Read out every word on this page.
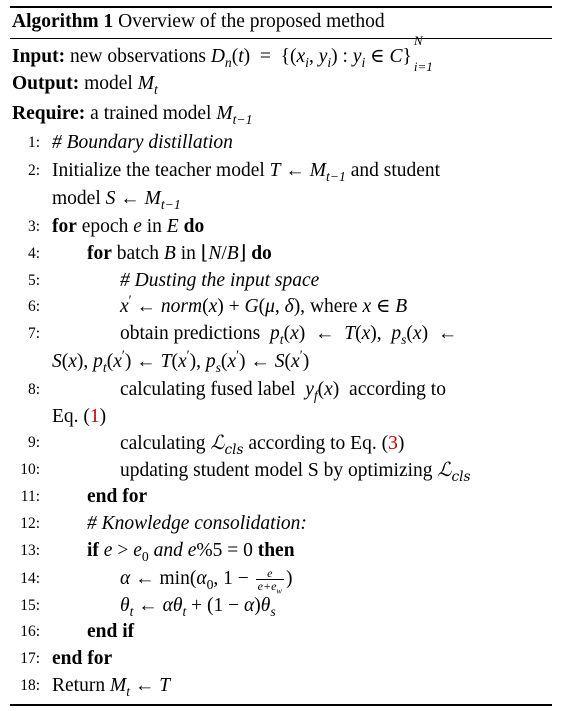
Algorithm 1 Overview of the proposed method
Input: new observations $D_n(t) = \{(x_i$, $y_i$) : $y_i$ ∈ C}
N
i=1

Output: model $M_t$
Require: a trained model $M_{t-1}$
1: # Boundary distillation
2: Initialize the teacher model T ← $M_{t-1}$ and student
model S ← $M_{t-1}$
3: for epoch e in E do
4: for batch B in ⌊N/B⌋ do
5:	# Dusting the input space
6:	x′ ← norm(x) + G(μ, δ), where x ∈ B
7:	obtain predictions $p_t(x)$  ←  T(x),  $p_s(x)$  ←
S(x), $p_t(x')$ ← T(x′), $p_s(x')$ ← S(x′)
8:	calculating fused label $y_f(x)$  according to
Eq. (1)
9:	calculating ℒ$_{cls}$ according to Eq. (3)
10:	updating student model S by optimizing ℒ$_{cls}$
11: end for
12: # Knowledge consolidation:
13: if $e > e_0$ and e%5 = 0 then
14:	α ← $\min(\alpha_0$, $1 - \frac{e}{e+e_w}$ )
15:	$\theta_t$ ← $\alpha\theta_t + (1 - \alpha)\theta_s$
16: end if
17: end for
18: Return $M_t$ ← T
